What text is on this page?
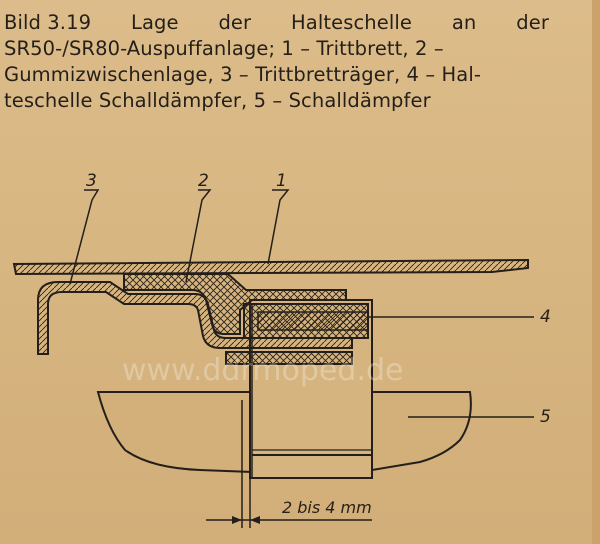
Bild 3.19 Lage der Halteschelle an der
SR50-/SR80-Auspuffanlage; 1 – Trittbrett, 2 –
Gummizwischenlage, 3 – Trittbretträger, 4 – Hal-
teschelle Schalldämpfer, 5 – Schalldämpfer
www.ddrmoped.de
3	2	1
4
5
2 bis 4 mm
